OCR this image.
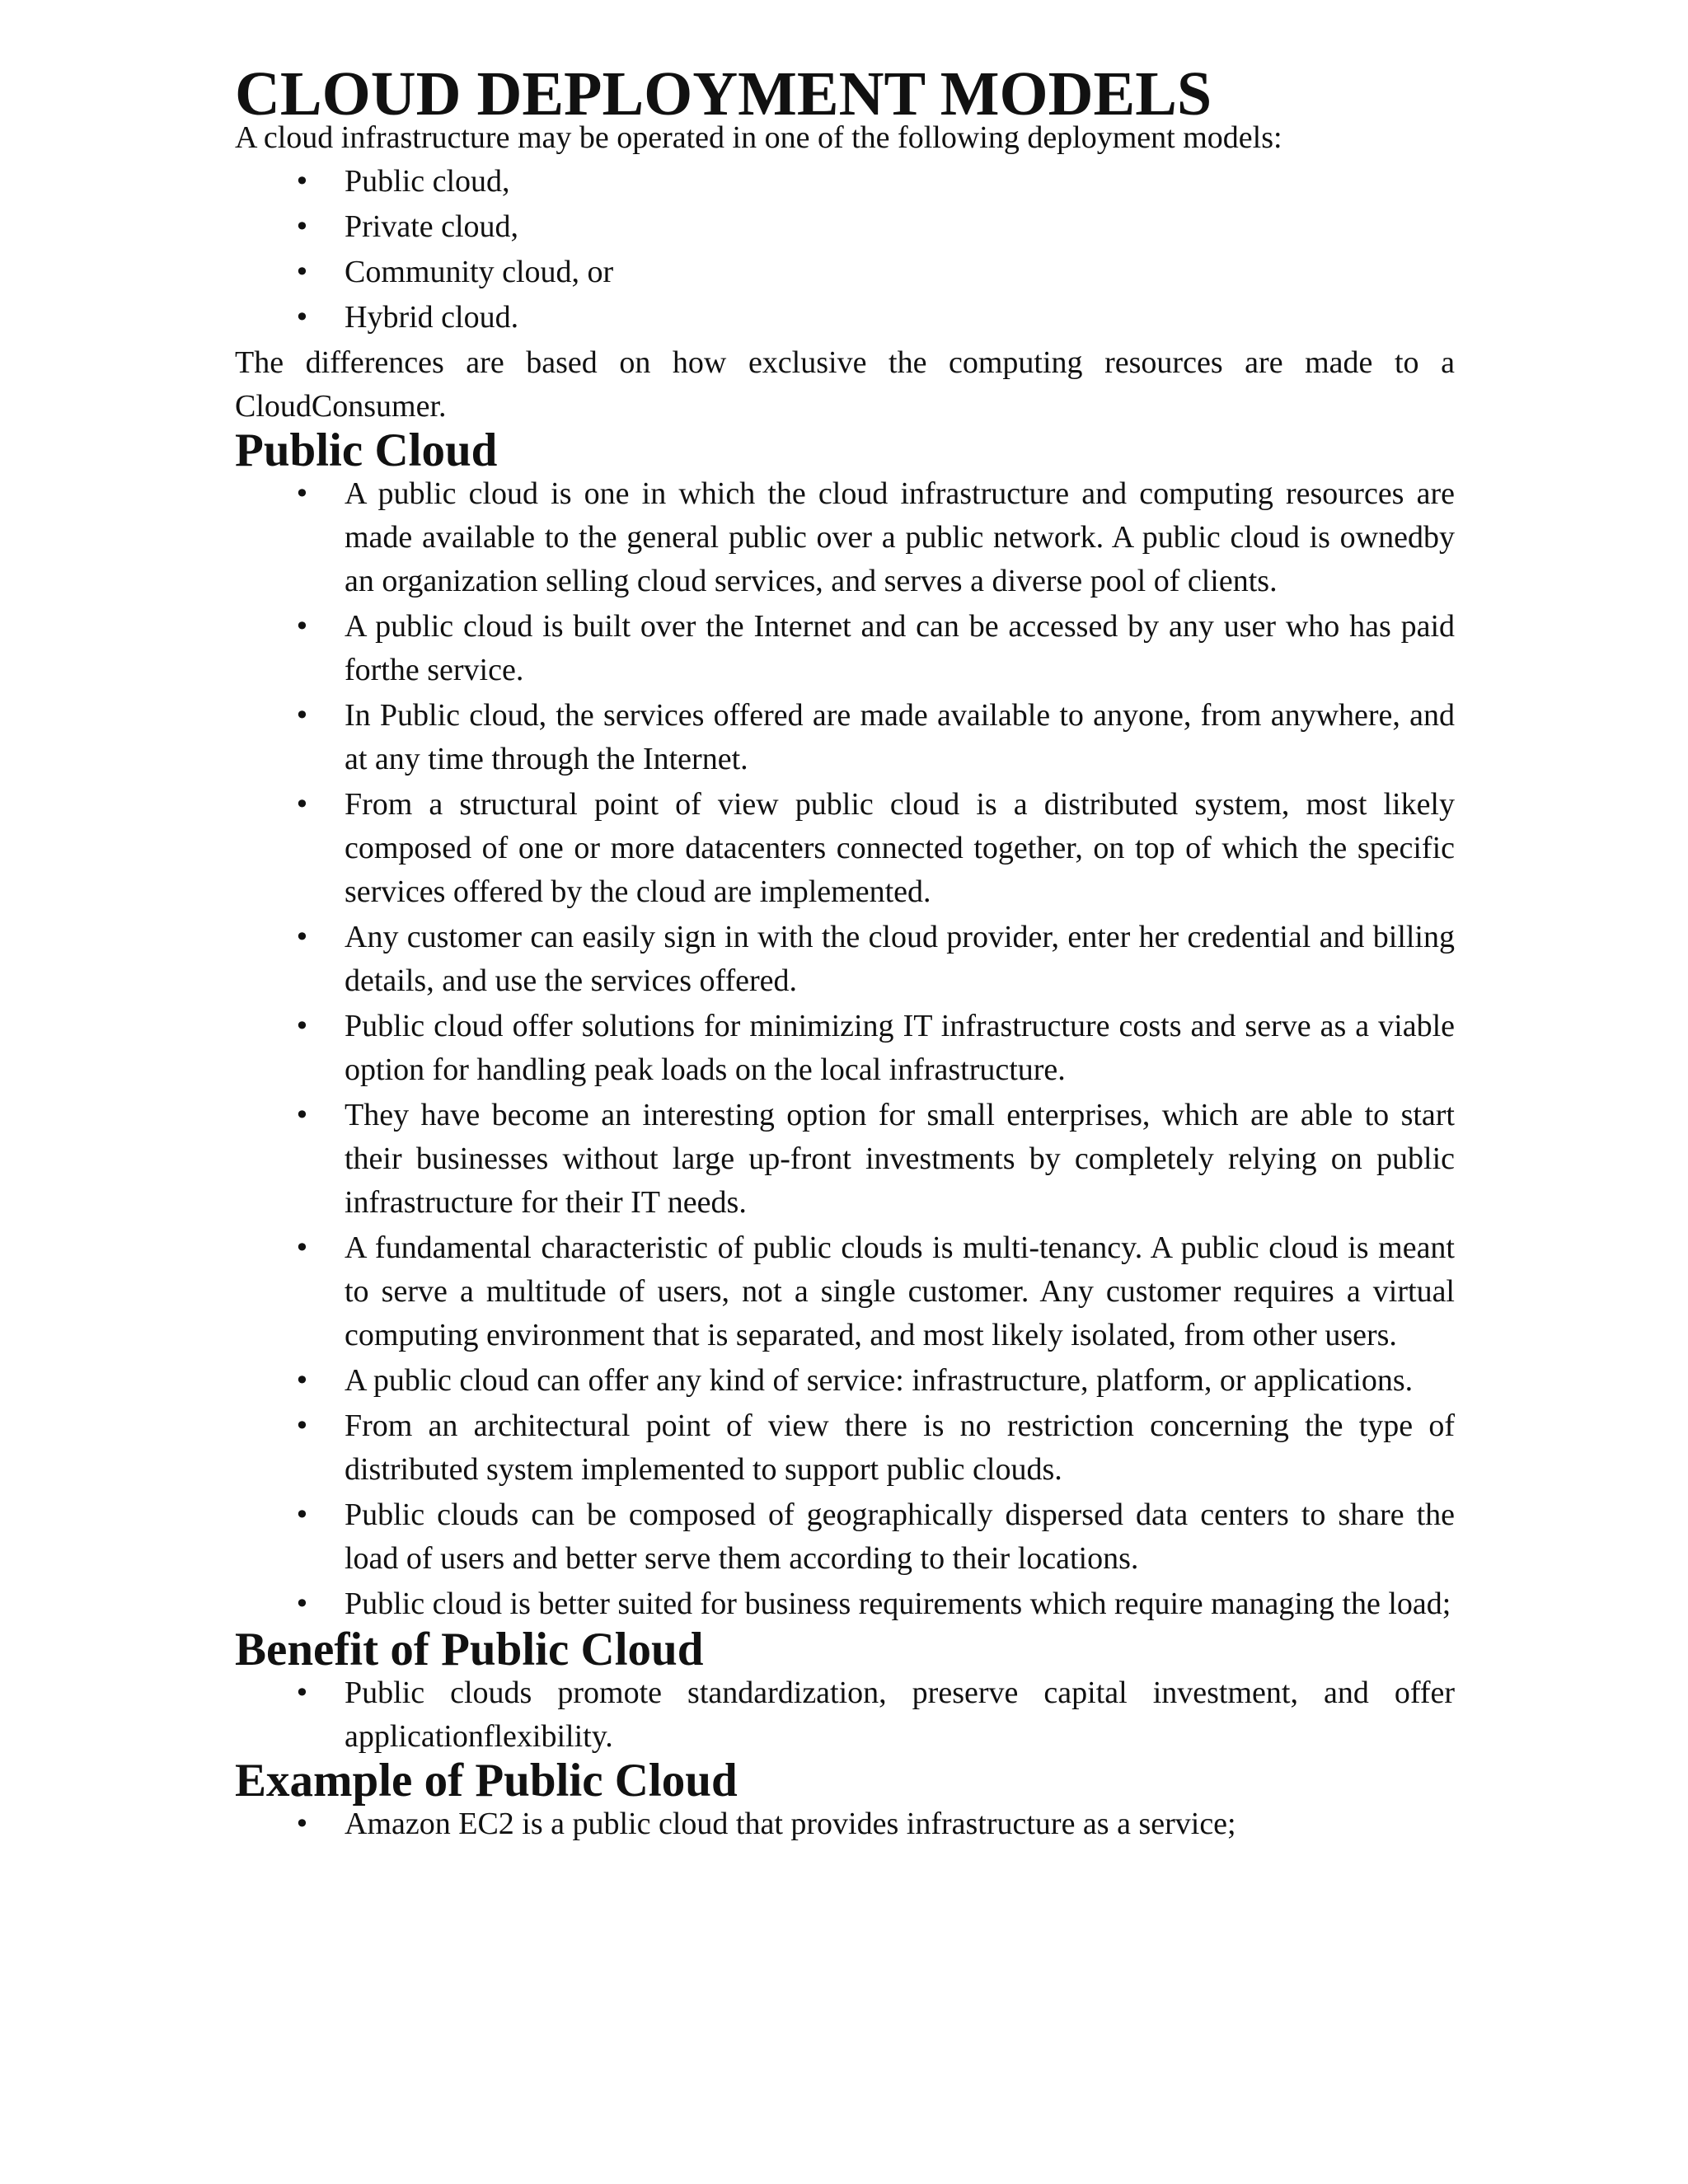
CLOUD DEPLOYMENT MODELS

A cloud infrastructure may be operated in one of the following deployment models:

• Public cloud,
• Private cloud,
• Community cloud, or
• Hybrid cloud.

The differences are based on how exclusive the computing resources are made to a CloudConsumer.

Public Cloud
• A public cloud is one in which the cloud infrastructure and computing resources are made available to the general public over a public network. A public cloud is ownedby an organization selling cloud services, and serves a diverse pool of clients.
• A public cloud is built over the Internet and can be accessed by any user who has paid forthe service.
• In Public cloud, the services offered are made available to anyone, from anywhere, and at any time through the Internet.
• From a structural point of view public cloud is a distributed system, most likely composed of one or more datacenters connected together, on top of which the specific services offered by the cloud are implemented.
• Any customer can easily sign in with the cloud provider, enter her credential and billing details, and use the services offered.
• Public cloud offer solutions for minimizing IT infrastructure costs and serve as a viable option for handling peak loads on the local infrastructure.
• They have become an interesting option for small enterprises, which are able to start their businesses without large up-front investments by completely relying on public infrastructure for their IT needs.
• A fundamental characteristic of public clouds is multi-tenancy. A public cloud is meant to serve a multitude of users, not a single customer. Any customer requires a virtual computing environment that is separated, and most likely isolated, from other users.
• A public cloud can offer any kind of service: infrastructure, platform, or applications.
• From an architectural point of view there is no restriction concerning the type of distributed system implemented to support public clouds.
• Public clouds can be composed of geographically dispersed data centers to share the load of users and better serve them according to their locations.
• Public cloud is better suited for business requirements which require managing the load;
Benefit of Public Cloud
• Public clouds promote standardization, preserve capital investment, and offer applicationflexibility.
Example of Public Cloud
• Amazon EC2 is a public cloud that provides infrastructure as a service;
